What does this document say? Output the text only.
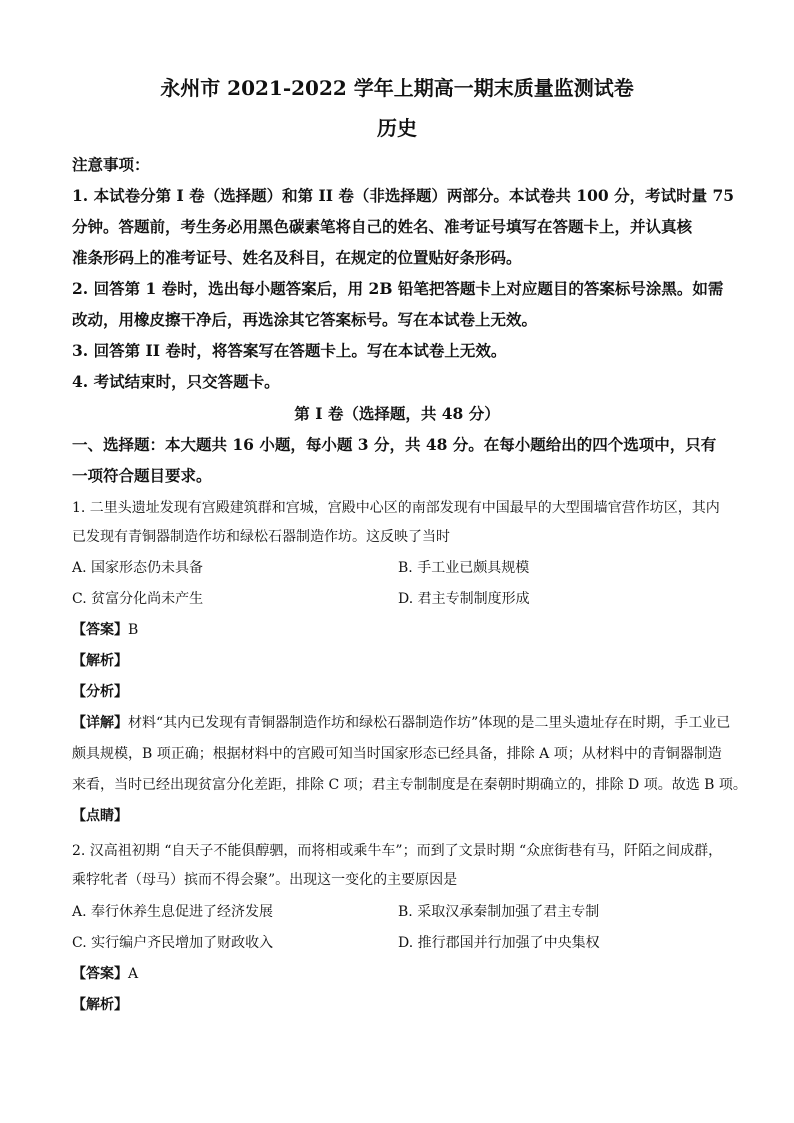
永州市 2021-2022 学年上期高一期末质量监测试卷
历史
注意事项：
1. 本试卷分第 I 卷（选择题）和第 II 卷（非选择题）两部分。本试卷共 100 分，考试时量 75
分钟。答题前，考生务必用黑色碳素笔将自己的姓名、准考证号填写在答题卡上，并认真核
准条形码上的准考证号、姓名及科目，在规定的位置贴好条形码。
2. 回答第 1 卷时，选出每小题答案后，用 2B 铅笔把答题卡上对应题目的答案标号涂黑。如需
改动，用橡皮擦干净后，再选涂其它答案标号。写在本试卷上无效。
3. 回答第 II 卷时，将答案写在答题卡上。写在本试卷上无效。
4. 考试结束时，只交答题卡。
第 I 卷（选择题，共 48 分）
一、选择题：本大题共 16 小题，每小题 3 分，共 48 分。在每小题给出的四个选项中，只有
一项符合题目要求。
1. 二里头遗址发现有宫殿建筑群和宫城，宫殿中心区的南部发现有中国最早的大型围墙官营作坊区，其内
已发现有青铜器制造作坊和绿松石器制造作坊。这反映了当时
A. 国家形态仍未具备	B. 手工业已颇具规模
C. 贫富分化尚未产生	D. 君主专制制度形成
【答案】B
【解析】
【分析】
【详解】材料“其内已发现有青铜器制造作坊和绿松石器制造作坊”体现的是二里头遗址存在时期，手工业已
颇具规模，B 项正确；根据材料中的宫殿可知当时国家形态已经具备，排除 A 项；从材料中的青铜器制造
来看，当时已经出现贫富分化差距，排除 C 项；君主专制制度是在秦朝时期确立的，排除 D 项。故选 B 项。
【点睛】
2. 汉高祖初期 “自天子不能俱醇驷，而将相或乘牛车”；而到了文景时期 “众庶街巷有马，阡陌之间成群，
乘牸牝者（母马）摈而不得会聚”。出现这一变化的主要原因是
A. 奉行休养生息促进了经济发展	B. 采取汉承秦制加强了君主专制
C. 实行编户齐民增加了财政收入	D. 推行郡国并行加强了中央集权
【答案】A
【解析】
